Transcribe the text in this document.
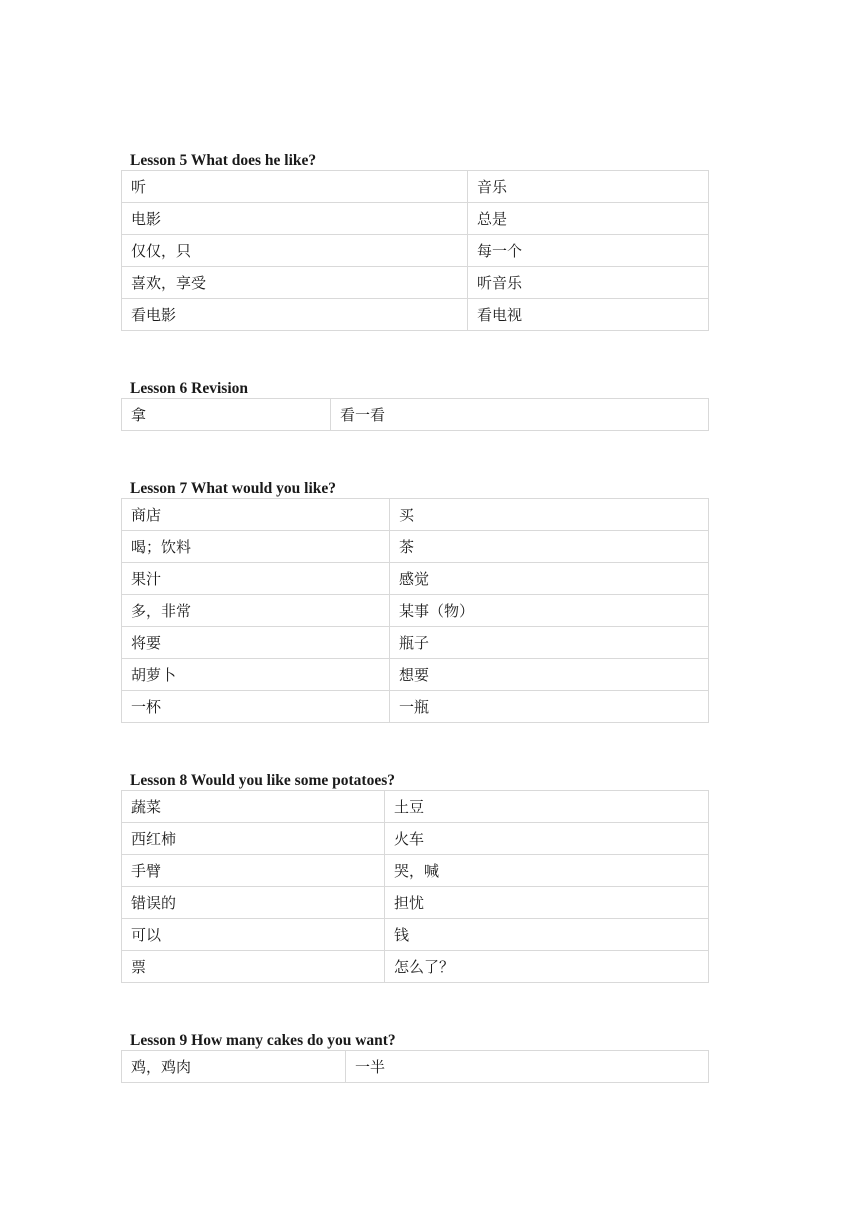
Lesson 5 What does he like?
听	音乐
电影	总是
仅仅，只	每一个
喜欢，享受	听音乐
看电影	看电视
Lesson 6 Revision
拿	看一看
Lesson 7 What would you like?
商店	买
喝；饮料	茶
果汁	感觉
多，非常	某事（物）
将要	瓶子
胡萝卜	想要
一杯	一瓶
Lesson 8 Would you like some potatoes?
蔬菜	土豆
西红柿	火车
手臂	哭，喊
错误的	担忧
可以	钱
票	怎么了？
Lesson 9 How many cakes do you want?
鸡，鸡肉	一半
